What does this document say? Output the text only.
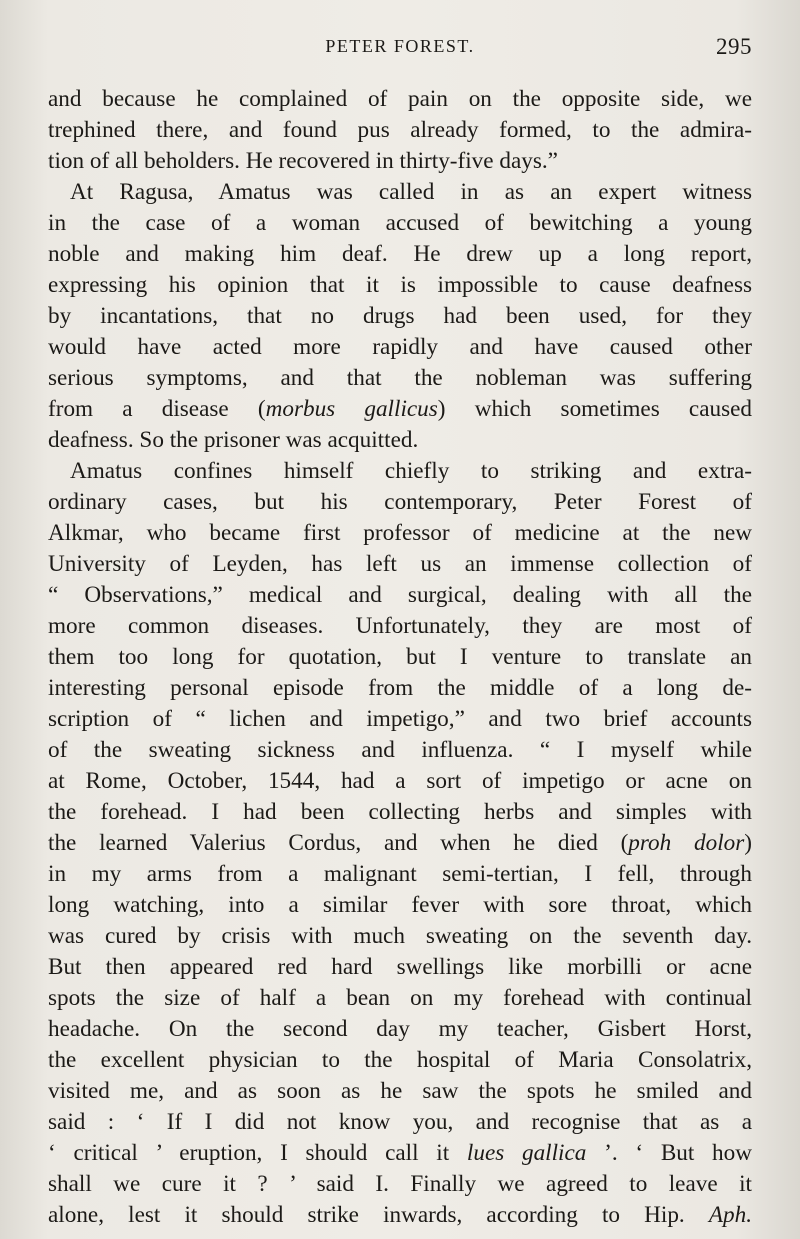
PETER FOREST.	295
and because he complained of pain on the opposite side, we
trephined there, and found pus already formed, to the admira-
tion of all beholders. He recovered in thirty-five days.”
At Ragusa, Amatus was called in as an expert witness
in the case of a woman accused of bewitching a young
noble and making him deaf. He drew up a long report,
expressing his opinion that it is impossible to cause deafness
by incantations, that no drugs had been used, for they
would have acted more rapidly and have caused other
serious symptoms, and that the nobleman was suffering
from a disease (morbus gallicus) which sometimes caused
deafness. So the prisoner was acquitted.
Amatus confines himself chiefly to striking and extra-
ordinary cases, but his contemporary, Peter Forest of
Alkmar, who became first professor of medicine at the new
University of Leyden, has left us an immense collection of
“ Observations,” medical and surgical, dealing with all the
more common diseases. Unfortunately, they are most of
them too long for quotation, but I venture to translate an
interesting personal episode from the middle of a long de-
scription of “ lichen and impetigo,” and two brief accounts
of the sweating sickness and influenza. “ I myself while
at Rome, October, 1544, had a sort of impetigo or acne on
the forehead. I had been collecting herbs and simples with
the learned Valerius Cordus, and when he died (proh dolor)
in my arms from a malignant semi-tertian, I fell, through
long watching, into a similar fever with sore throat, which
was cured by crisis with much sweating on the seventh day.
But then appeared red hard swellings like morbilli or acne
spots the size of half a bean on my forehead with continual
headache. On the second day my teacher, Gisbert Horst,
the excellent physician to the hospital of Maria Consolatrix,
visited me, and as soon as he saw the spots he smiled and
said : ‘ If I did not know you, and recognise that as a
‘ critical ’ eruption, I should call it lues gallica ’. ‘ But how
shall we cure it ? ’ said I. Finally we agreed to leave it
alone, lest it should strike inwards, according to Hip. Aph.
